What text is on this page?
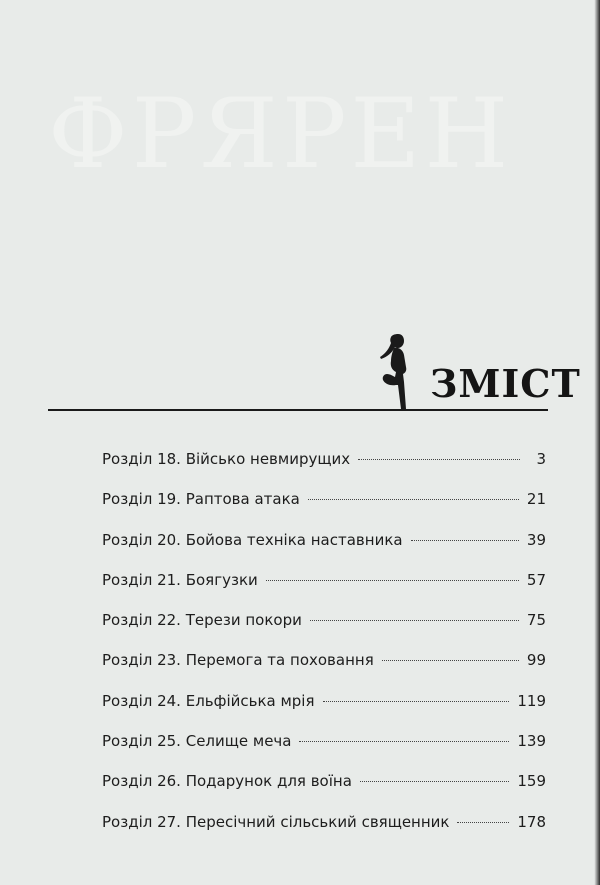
ФРЯРЕН
ЗМІСТ
Розділ 18. Військо невмирущих	3
Розділ 19. Раптова атака	21
Розділ 20. Бойова техніка наставника	39
Розділ 21. Боягузки	57
Розділ 22. Терези покори	75
Розділ 23. Перемога та поховання	99
Розділ 24. Ельфійська мрія	119
Розділ 25. Селище меча	139
Розділ 26. Подарунок для воїна	159
Розділ 27. Пересічний сільський священник	178
